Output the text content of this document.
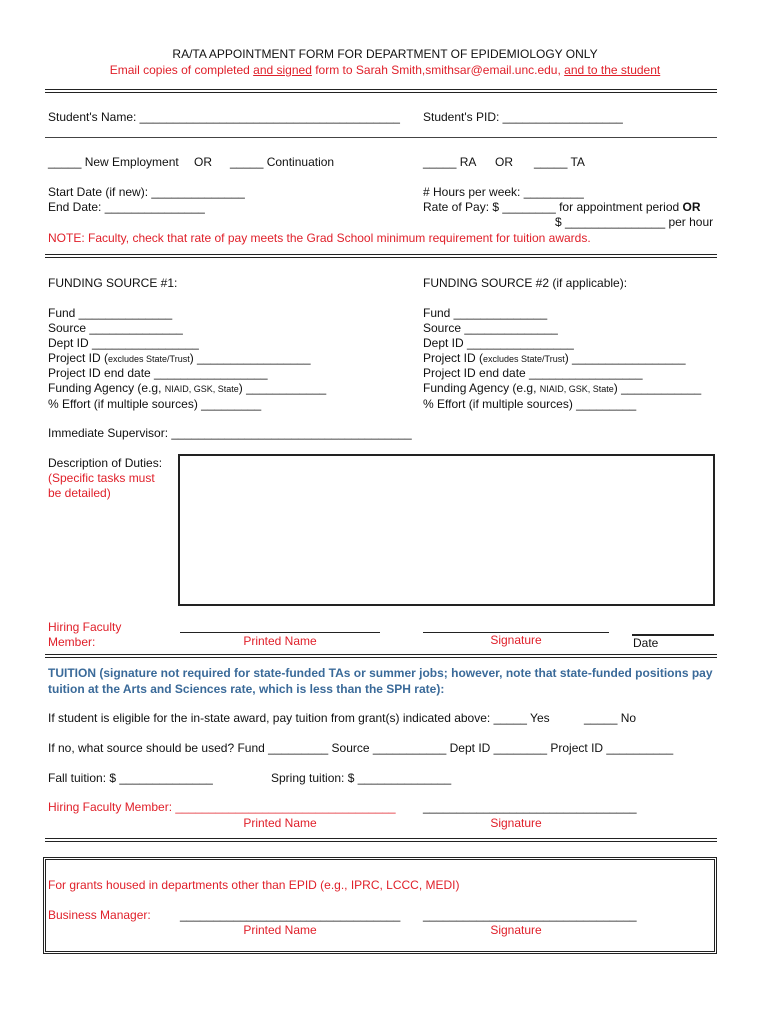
RA/TA APPOINTMENT FORM FOR DEPARTMENT OF EPIDEMIOLOGY ONLY
Email copies of completed and signed form to Sarah Smith,smithsar@email.unc.edu, and to the student
Student's Name: _______________________________________ Student's PID: __________________
_____ New Employment OR _____ Continuation	_____ RA OR _____ TA
Start Date (if new): ______________
End Date: _______________
# Hours per week: _________
Rate of Pay: $ ________ for appointment period OR
$ _______________ per hour
NOTE: Faculty, check that rate of pay meets the Grad School minimum requirement for tuition awards.
FUNDING SOURCE #1:
Fund ______________
Source ______________
Dept ID ________________
Project ID (excludes State/Trust) _________________
Project ID end date _________________
Funding Agency (e.g, NIAID, GSK, State) ____________
% Effort (if multiple sources) _________
FUNDING SOURCE #2 (if applicable):
Fund ______________
Source ______________
Dept ID ________________
Project ID (excludes State/Trust) _________________
Project ID end date _________________
Funding Agency (e.g, NIAID, GSK, State) ____________
% Effort (if multiple sources) _________
Immediate Supervisor: ____________________________________
Description of Duties:
(Specific tasks must
be detailed)
Hiring Faculty
Member:	Printed Name	Signature	Date
TUITION (signature not required for state-funded TAs or summer jobs; however, note that state-funded positions pay
tuition at the Arts and Sciences rate, which is less than the SPH rate):
If student is eligible for the in-state award, pay tuition from grant(s) indicated above: _____ Yes	_____ No
If no, what source should be used? Fund _________ Source ___________ Dept ID ________ Project ID __________
Fall tuition: $ ______________	Spring tuition: $ ______________
Hiring Faculty Member: _________________________________ ________________________________
Printed Name	Signature
For grants housed in departments other than EPID (e.g., IPRC, LCCC, MEDI)
Business Manager: _________________________________ ________________________________
Printed Name	Signature
